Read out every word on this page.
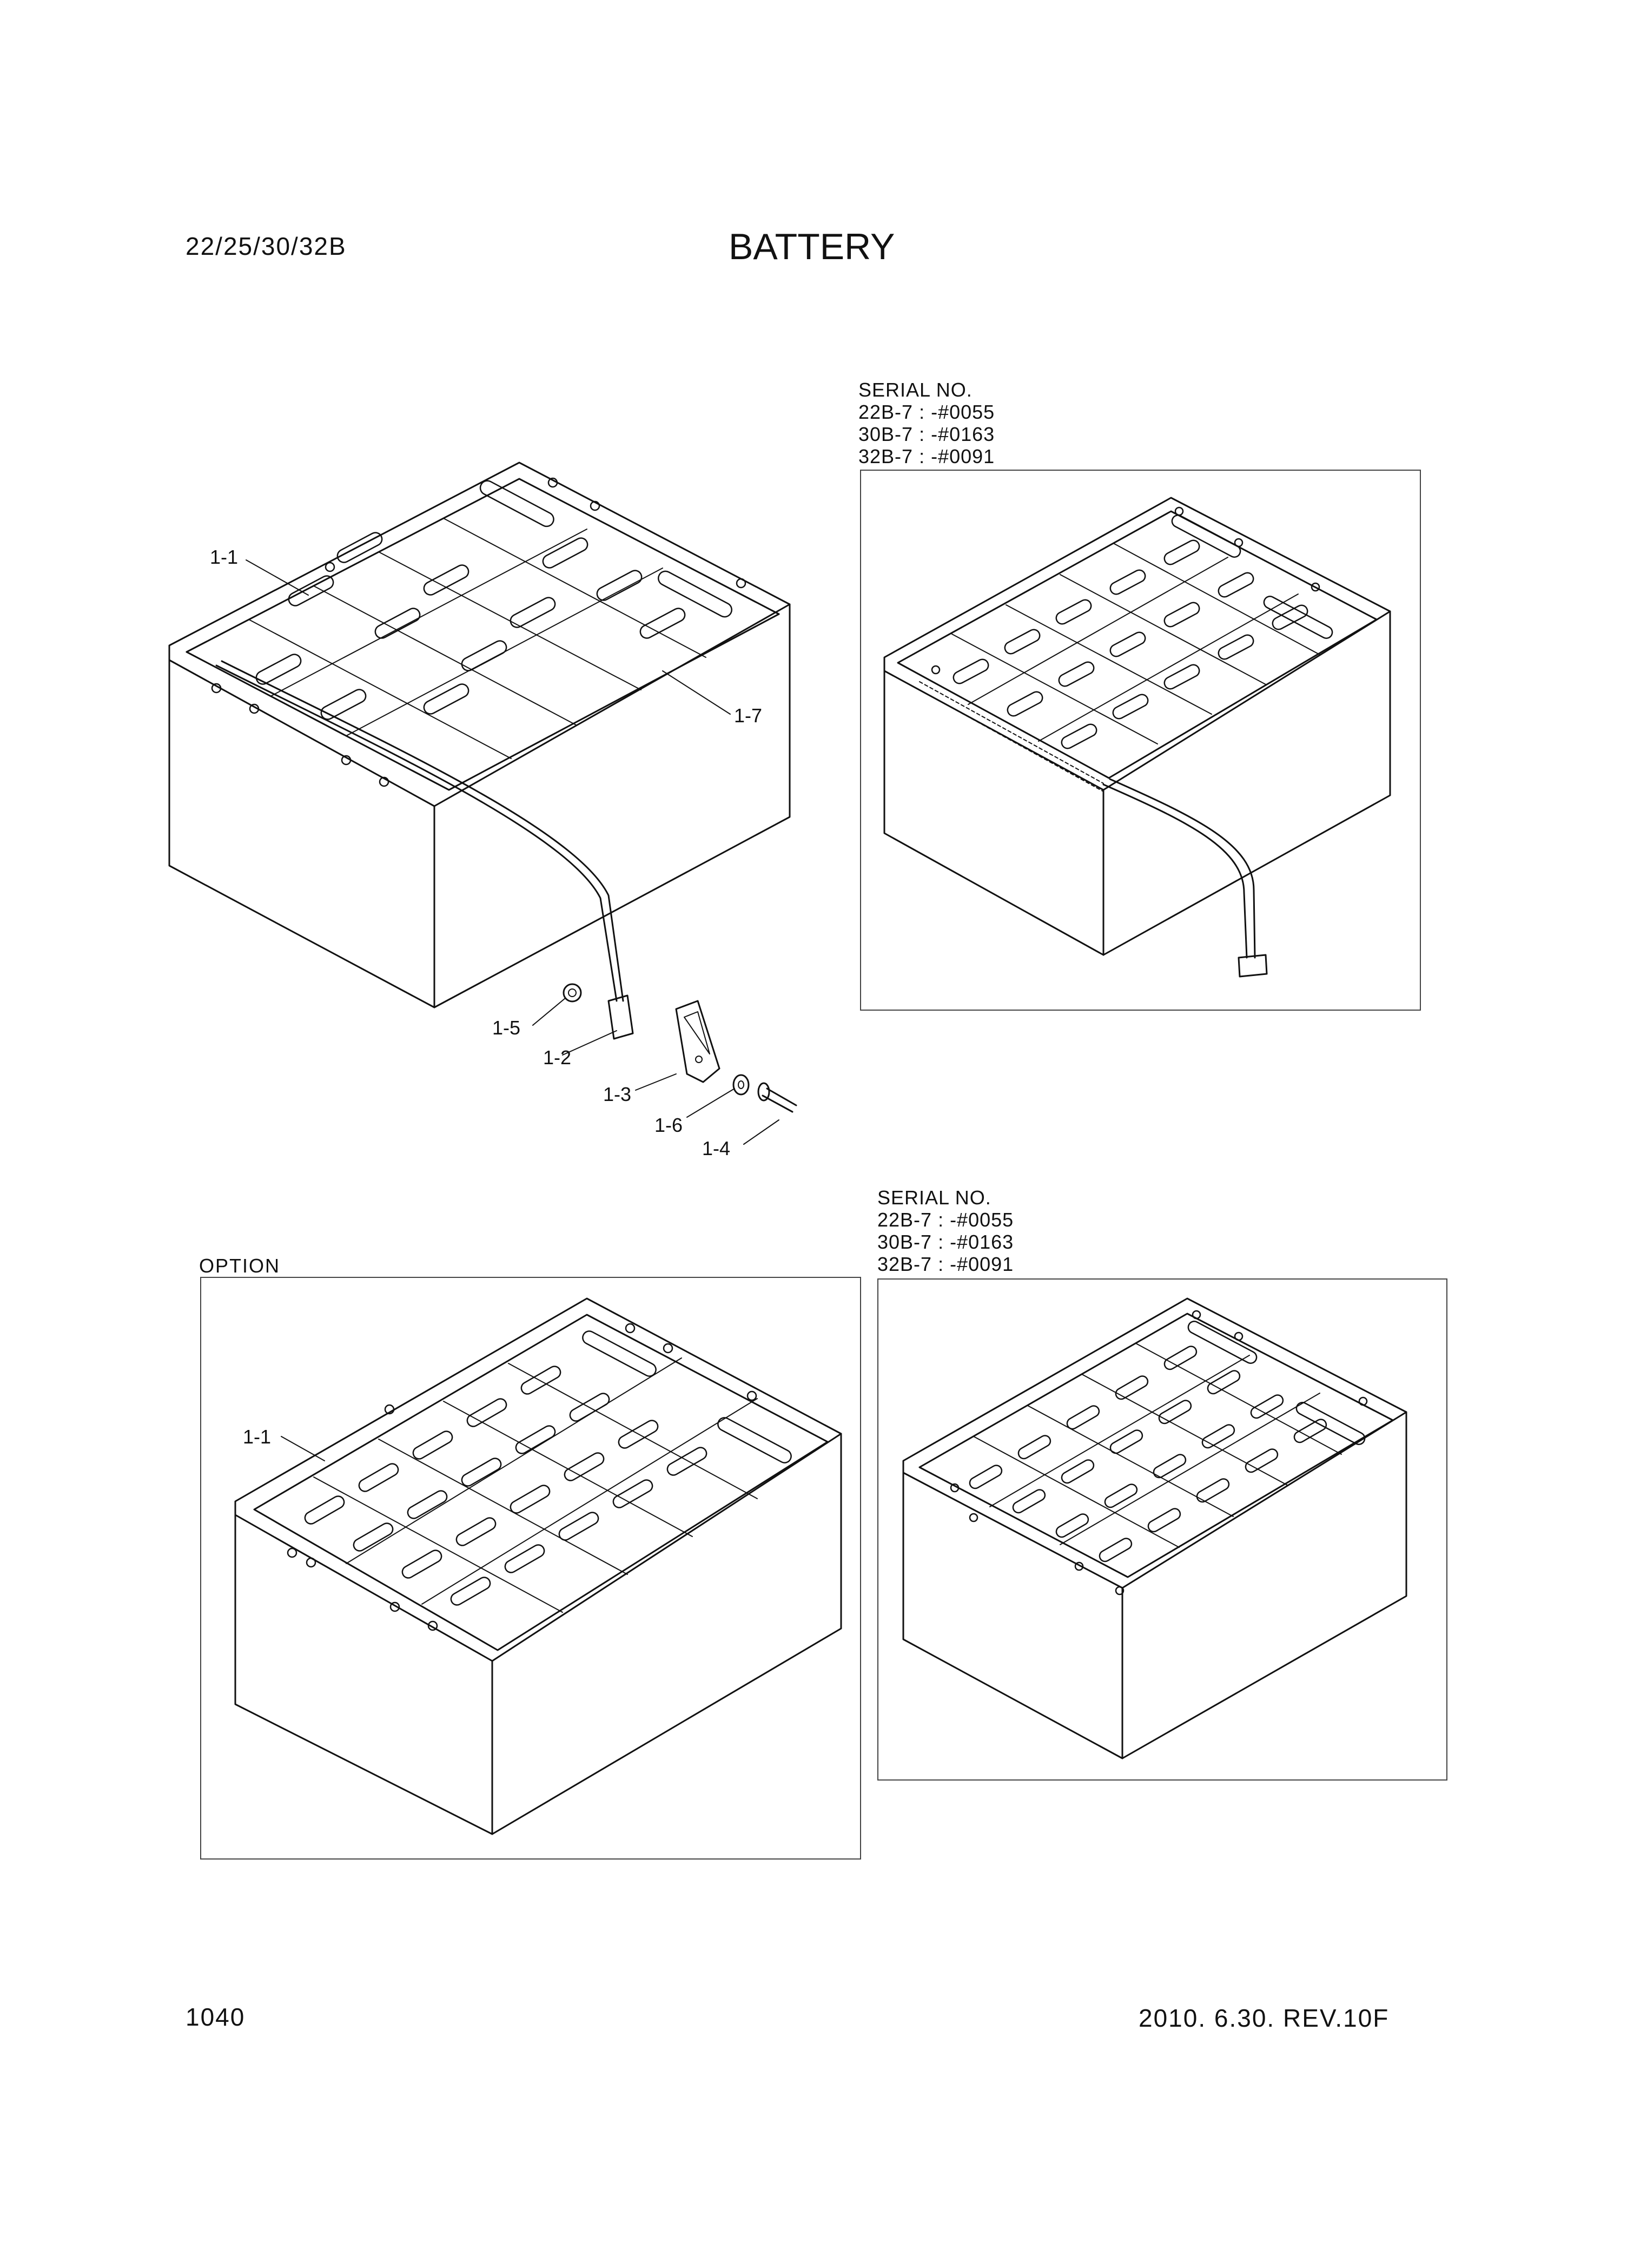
22/25/30/32B	BATTERY
SERIAL NO.
22B-7 : -#0055
30B-7 : -#0163
32B-7 : -#0091
SERIAL NO.
22B-7 : -#0055
30B-7 : -#0163
32B-7 : -#0091
OPTION
1-1
1-7
1-5
1-2
1-3
1-6
1-4
1-1
1040	2010. 6.30. REV.10F
